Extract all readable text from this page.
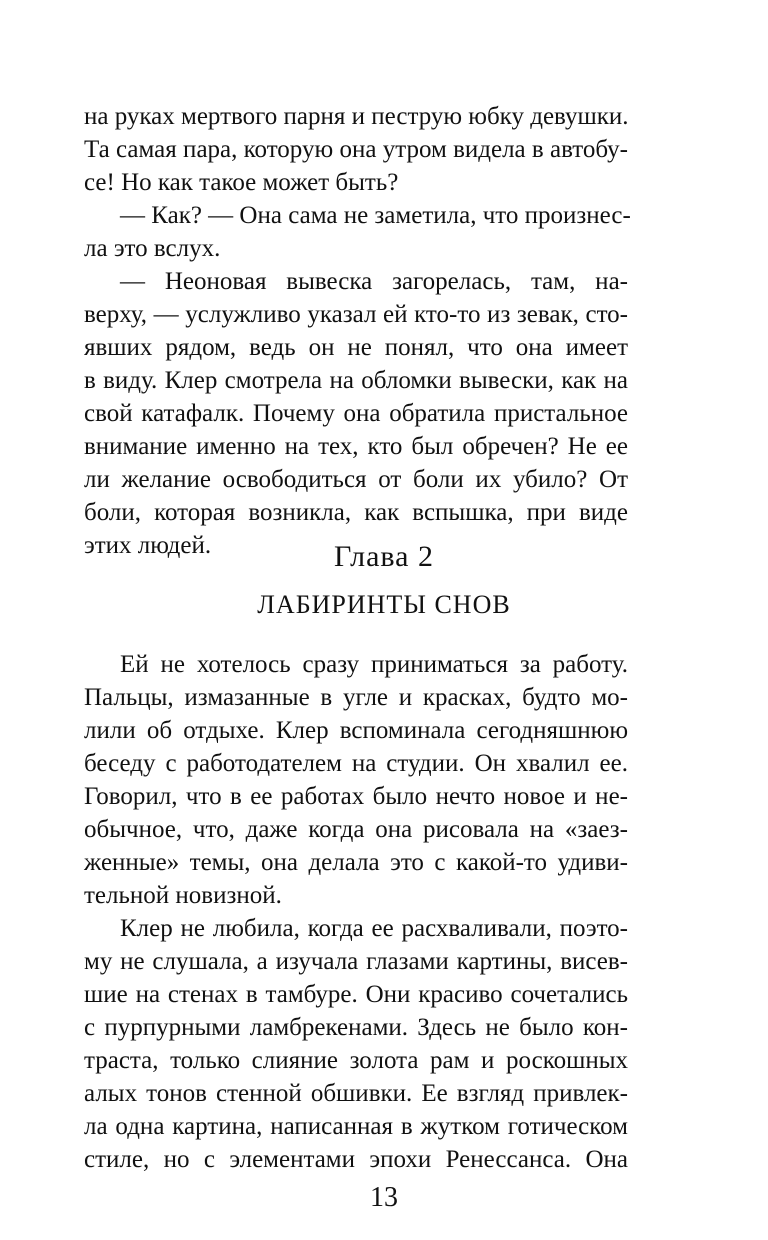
на руках мертвого парня и пеструю юбку девушки.
Та самая пара, которую она утром видела в автобу-
се! Но как такое может быть?
— Как? — Она сама не заметила, что произнес-
ла это вслух.
— Неоновая вывеска загорелась, там, на-
верху, — услужливо указал ей кто-то из зевак, сто-
явших рядом, ведь он не понял, что она имеет
в виду. Клер смотрела на обломки вывески, как на
свой катафалк. Почему она обратила пристальное
внимание именно на тех, кто был обречен? Не ее
ли желание освободиться от боли их убило? От
боли, которая возникла, как вспышка, при виде
этих людей.	Глава 2
ЛАБИРИНТЫ СНОВ
Ей не хотелось сразу приниматься за работу.
Пальцы, измазанные в угле и красках, будто мо-
лили об отдыхе. Клер вспоминала сегодняшнюю
беседу с работодателем на студии. Он хвалил ее.
Говорил, что в ее работах было нечто новое и не-
обычное, что, даже когда она рисовала на «заез-
женные» темы, она делала это с какой-то удиви-
тельной новизной.
Клер не любила, когда ее расхваливали, поэто-
му не слушала, а изучала глазами картины, висев-
шие на стенах в тамбуре. Они красиво сочетались
с пурпурными ламбрекенами. Здесь не было кон-
траста, только слияние золота рам и роскошных
алых тонов стенной обшивки. Ее взгляд привлек-
ла одна картина, написанная в жутком готическом
стиле, но с элементами эпохи Ренессанса. Она
13
